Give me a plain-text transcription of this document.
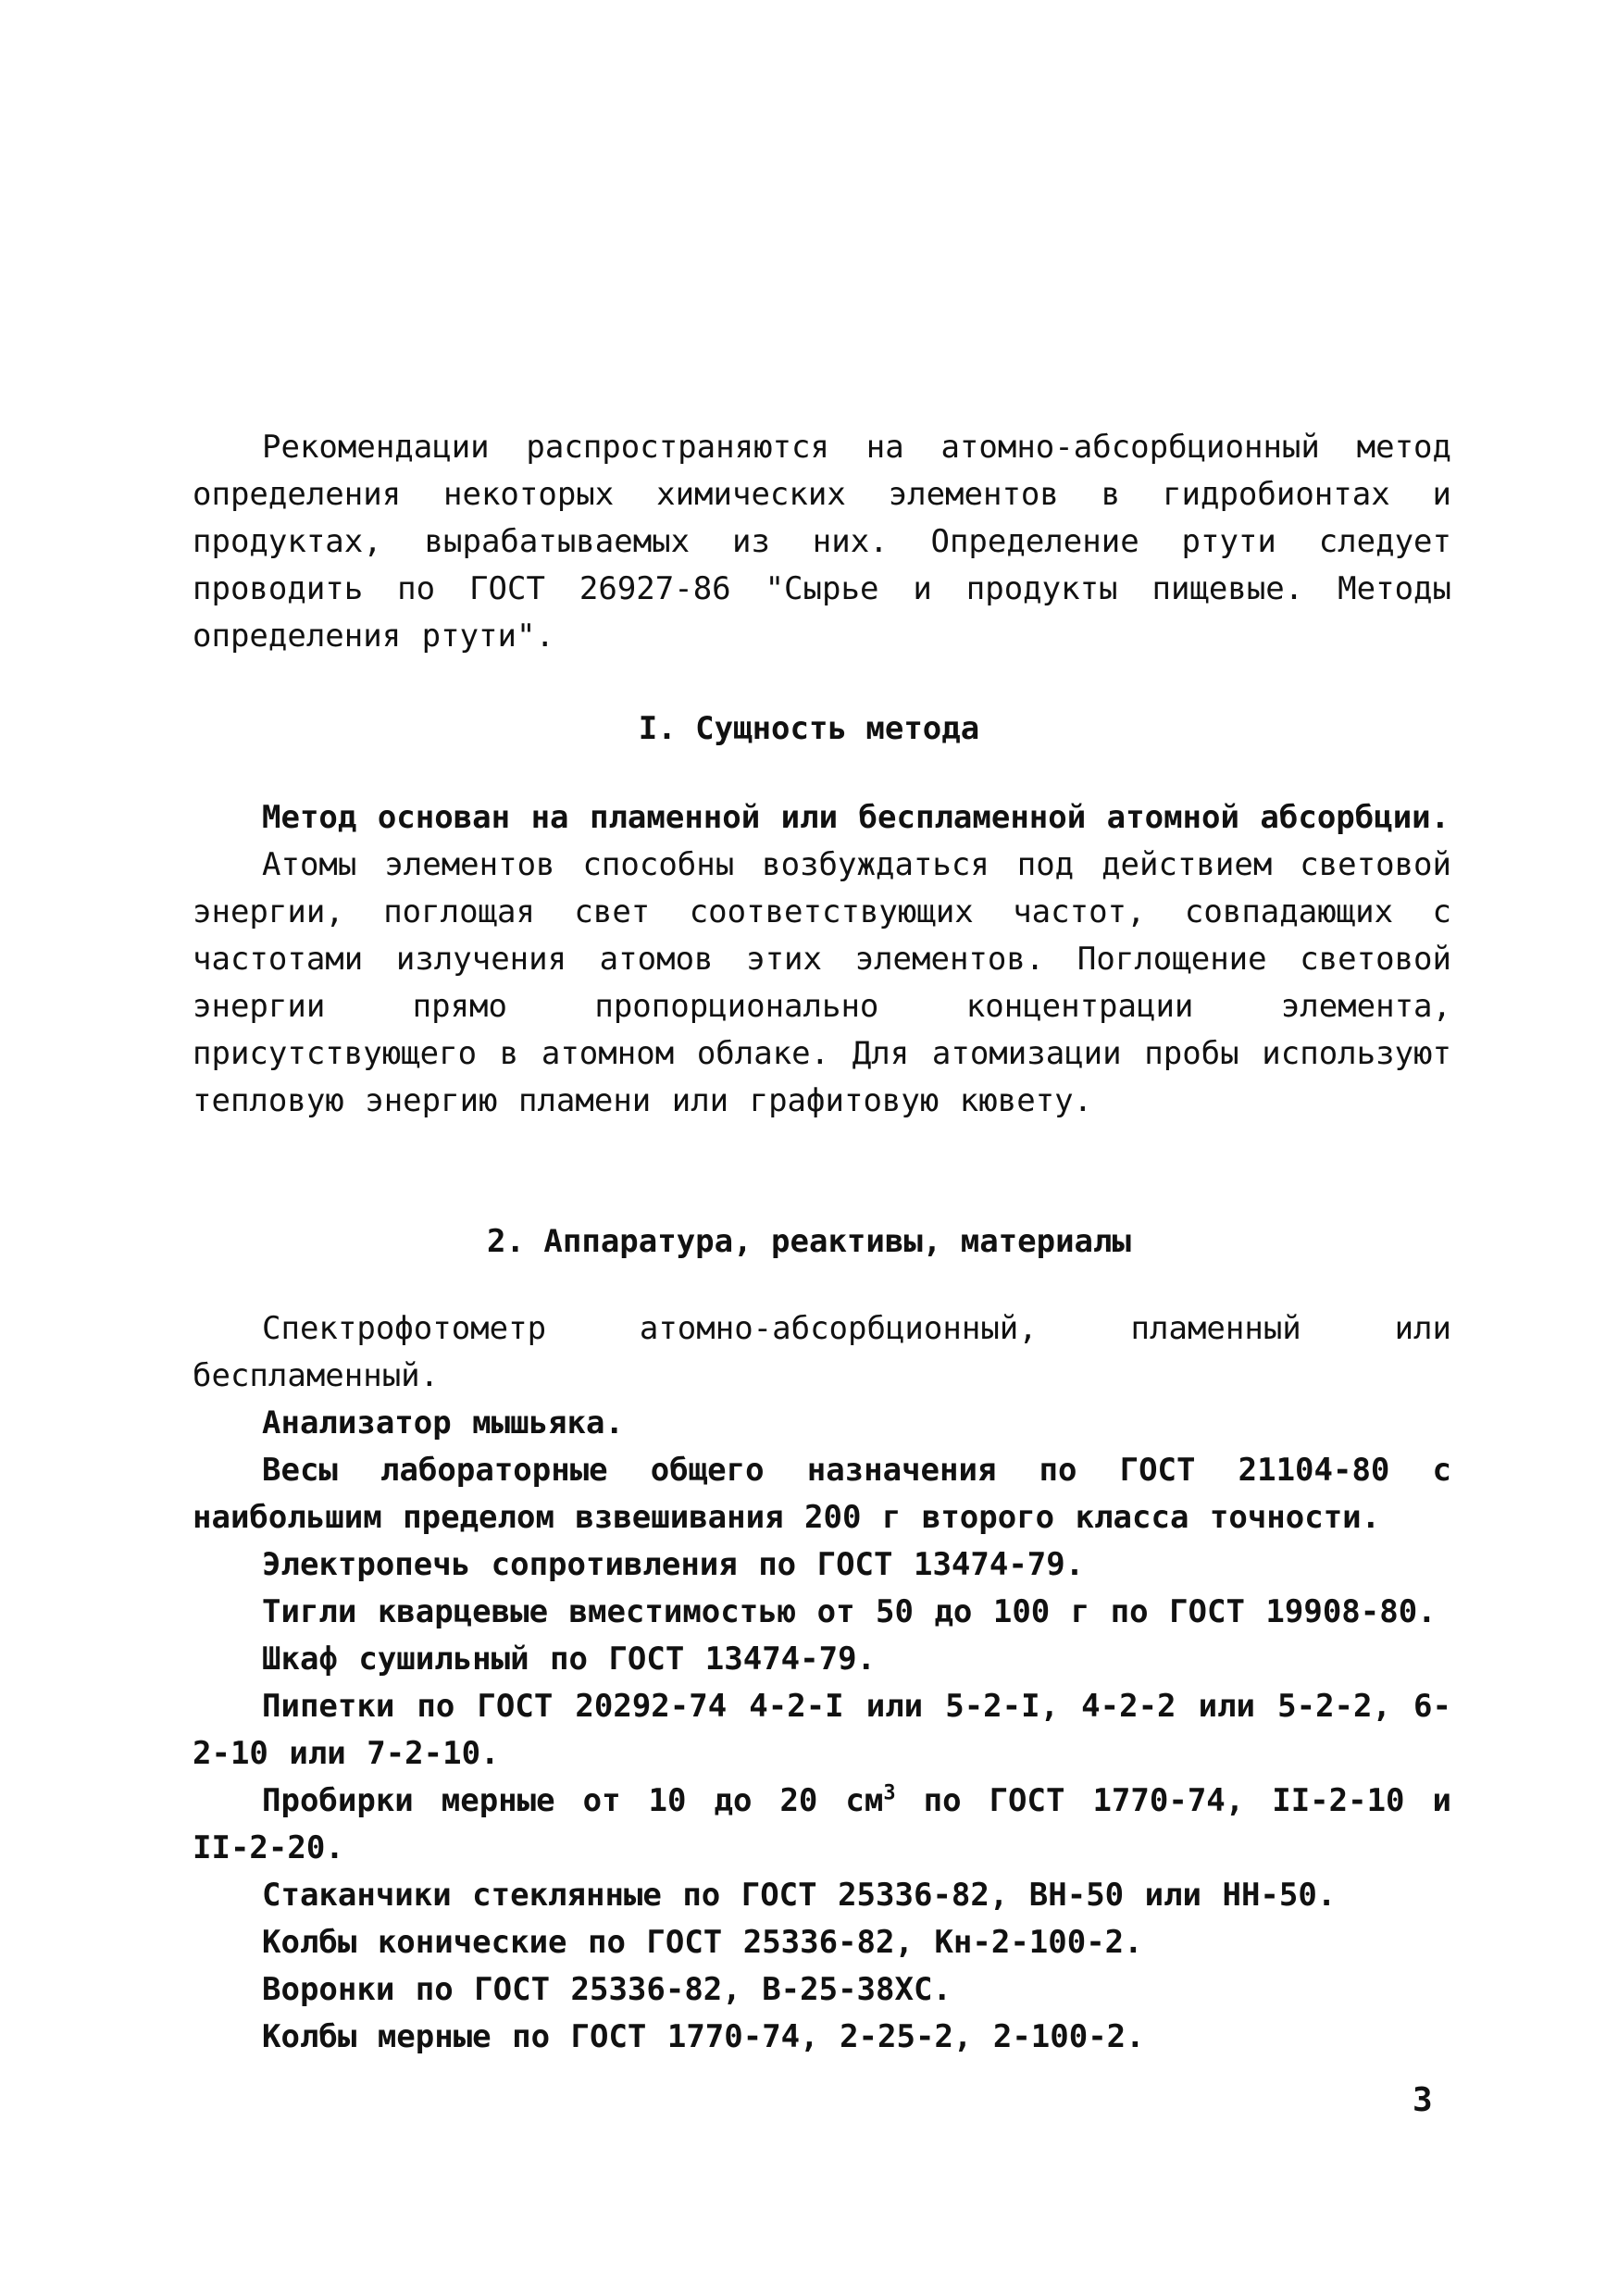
Рекомендации распространяются на атомно-абсорбционный метод определения некоторых химических элементов в гидробионтах и продуктах, вырабатываемых из них. Определение ртути следует проводить по ГОСТ 26927-86 "Сырье и продукты пищевые. Методы определения ртути".

I. Сущность метода

Метод основан на пламенной или беспламенной атомной абсорбции.

Атомы элементов способны возбуждаться под действием световой энергии, поглощая свет соответствующих частот, совпадающих с частотами излучения атомов этих элементов. Поглощение световой энергии прямо пропорционально концентрации элемента, присутствующего в атомном облаке. Для атомизации пробы используют тепловую энергию пламени или графитовую кювету.

2. Аппаратура, реактивы, материалы

Спектрофотометр атомно-абсорбционный, пламенный или беспламенный.

Анализатор мышьяка.

Весы лабораторные общего назначения по ГОСТ 21104-80 с наибольшим пределом взвешивания 200 г второго класса точности.

Электропечь сопротивления по ГОСТ 13474-79.

Тигли кварцевые вместимостью от 50 до 100 г по ГОСТ 19908-80.

Шкаф сушильный по ГОСТ 13474-79.

Пипетки по ГОСТ 20292-74 4-2-I или 5-2-I, 4-2-2 или 5-2-2, 6-2-10 или 7-2-10.

Пробирки мерные от 10 до 20 $см^3$ по ГОСТ 1770-74, II-2-10 и II-2-20.

Стаканчики стеклянные по ГОСТ 25336-82, ВН-50 или НН-50.

Колбы конические по ГОСТ 25336-82, Кн-2-100-2.

Воронки по ГОСТ 25336-82, В-25-38ХС.

Колбы мерные по ГОСТ 1770-74, 2-25-2, 2-100-2.

3
